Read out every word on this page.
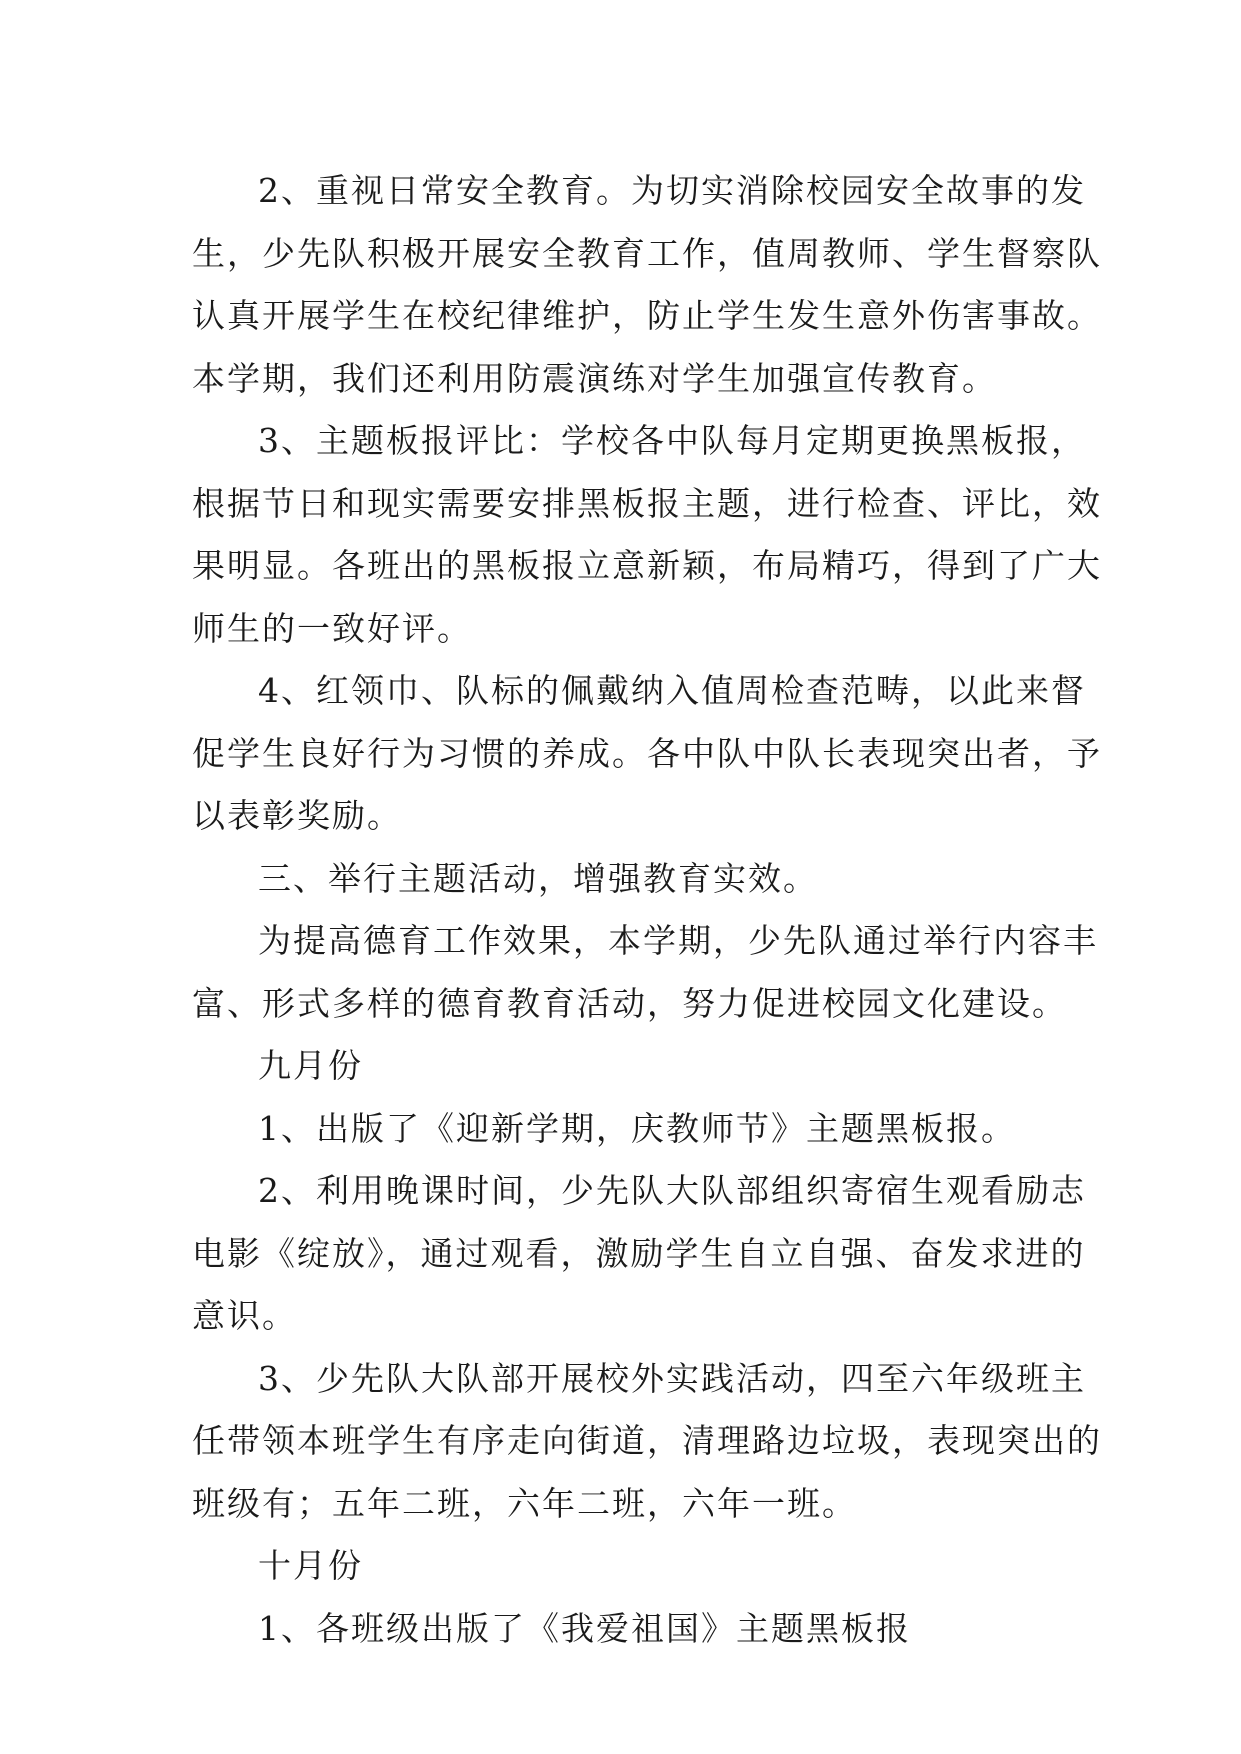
2、重视日常安全教育。为切实消除校园安全故事的发
生，少先队积极开展安全教育工作，值周教师、学生督察队
认真开展学生在校纪律维护，防止学生发生意外伤害事故。
本学期，我们还利用防震演练对学生加强宣传教育。
3、主题板报评比：学校各中队每月定期更换黑板报，
根据节日和现实需要安排黑板报主题，进行检查、评比，效
果明显。各班出的黑板报立意新颖，布局精巧，得到了广大
师生的一致好评。
4、红领巾、队标的佩戴纳入值周检查范畴，以此来督
促学生良好行为习惯的养成。各中队中队长表现突出者，予
以表彰奖励。
三、举行主题活动，增强教育实效。
为提高德育工作效果，本学期，少先队通过举行内容丰
富、形式多样的德育教育活动，努力促进校园文化建设。
九月份
1、出版了《迎新学期，庆教师节》主题黑板报。
2、利用晚课时间，少先队大队部组织寄宿生观看励志
电影《绽放》，通过观看，激励学生自立自强、奋发求进的
意识。
3、少先队大队部开展校外实践活动，四至六年级班主
任带领本班学生有序走向街道，清理路边垃圾，表现突出的
班级有；五年二班，六年二班，六年一班。
十月份
1、各班级出版了《我爱祖国》主题黑板报
